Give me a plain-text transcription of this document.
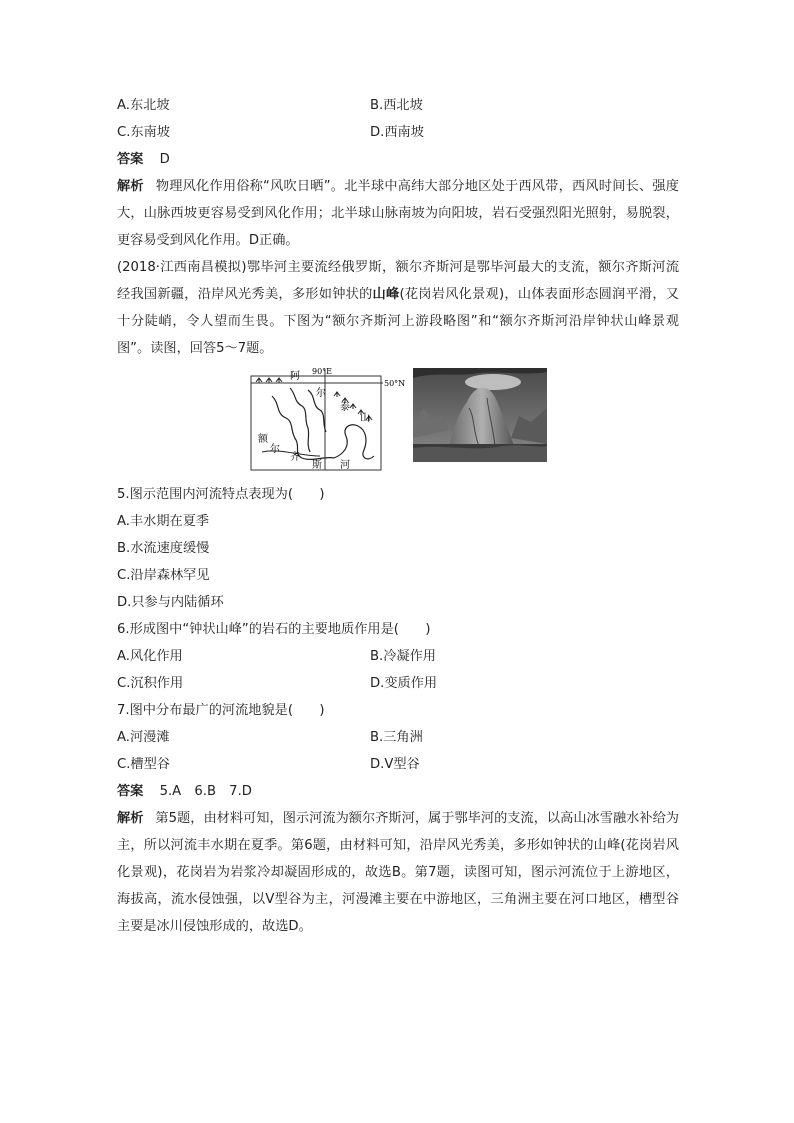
A.东北坡	B.西北坡
C.东南坡	D.西南坡
答案 D
解析 物理风化作用俗称“风吹日晒”。北半球中高纬大部分地区处于西风带，西风时间长、强度大，山脉西坡更容易受到风化作用；北半球山脉南坡为向阳坡，岩石受强烈阳光照射，易脱裂，更容易受到风化作用。D正确。
(2018·江西南昌模拟)鄂毕河主要流经俄罗斯，额尔齐斯河是鄂毕河最大的支流，额尔齐斯河流经我国新疆，沿岸风光秀美，多形如钟状的山峰(花岗岩风化景观)，山体表面形态圆润平滑，又十分陡峭，令人望而生畏。下图为“额尔齐斯河上游段略图”和“额尔齐斯河沿岸钟状山峰景观图”。读图，回答5～7题。
90°E
50°N
阿
尔
泰
山
额
尔
齐
斯 河
5.图示范围内河流特点表现为(　　)
A.丰水期在夏季
B.水流速度缓慢
C.沿岸森林罕见
D.只参与内陆循环
6.形成图中“钟状山峰”的岩石的主要地质作用是(　　)
A.风化作用	B.冷凝作用
C.沉积作用	D.变质作用
7.图中分布最广的河流地貌是(　　)
A.河漫滩	B.三角洲
C.槽型谷	D.V型谷
答案 5.A　6.B　7.D
解析 第5题，由材料可知，图示河流为额尔齐斯河，属于鄂毕河的支流，以高山冰雪融水补给为主，所以河流丰水期在夏季。第6题，由材料可知，沿岸风光秀美，多形如钟状的山峰(花岗岩风化景观)，花岗岩为岩浆冷却凝固形成的，故选B。第7题，读图可知，图示河流位于上游地区，海拔高，流水侵蚀强，以V型谷为主，河漫滩主要在中游地区，三角洲主要在河口地区，槽型谷主要是冰川侵蚀形成的，故选D。
